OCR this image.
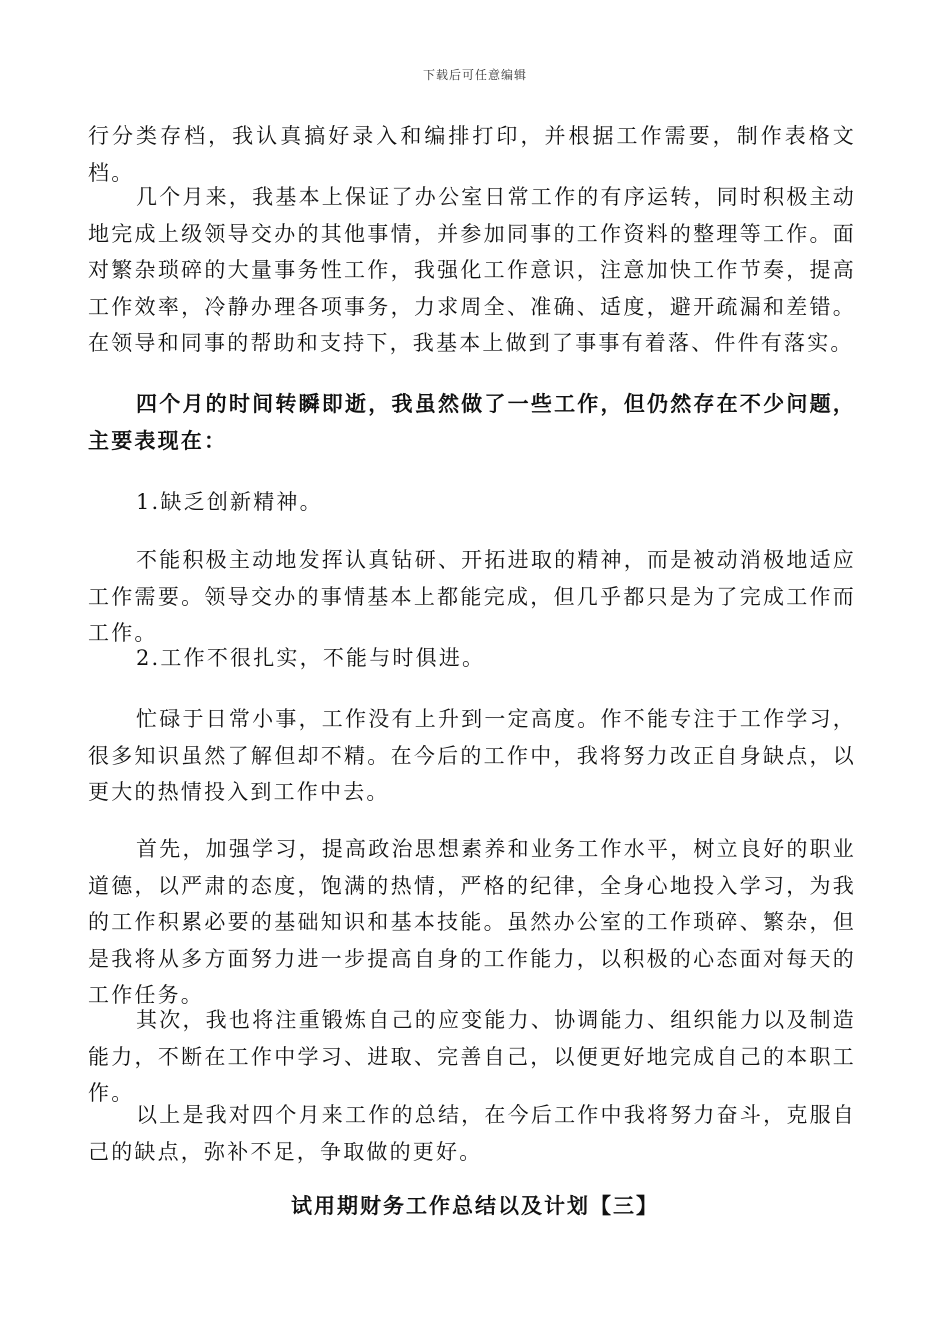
下载后可任意编辑

行分类存档，我认真搞好录入和编排打印，并根据工作需要，制作表格文档。

几个月来，我基本上保证了办公室日常工作的有序运转，同时积极主动地完成上级领导交办的其他事情，并参加同事的工作资料的整理等工作。面对繁杂琐碎的大量事务性工作，我强化工作意识，注意加快工作节奏，提高工作效率，冷静办理各项事务，力求周全、准确、适度，避开疏漏和差错。在领导和同事的帮助和支持下，我基本上做到了事事有着落、件件有落实。

四个月的时间转瞬即逝，我虽然做了一些工作，但仍然存在不少问题，主要表现在：

1.缺乏创新精神。

不能积极主动地发挥认真钻研、开拓进取的精神，而是被动消极地适应工作需要。领导交办的事情基本上都能完成，但几乎都只是为了完成工作而工作。

2.工作不很扎实，不能与时俱进。

忙碌于日常小事，工作没有上升到一定高度。作不能专注于工作学习，很多知识虽然了解但却不精。在今后的工作中，我将努力改正自身缺点，以更大的热情投入到工作中去。

首先，加强学习，提高政治思想素养和业务工作水平，树立良好的职业道德，以严肃的态度，饱满的热情，严格的纪律，全身心地投入学习，为我的工作积累必要的基础知识和基本技能。虽然办公室的工作琐碎、繁杂，但是我将从多方面努力进一步提高自身的工作能力，以积极的心态面对每天的工作任务。

其次，我也将注重锻炼自己的应变能力、协调能力、组织能力以及制造能力，不断在工作中学习、进取、完善自己，以便更好地完成自己的本职工作。

以上是我对四个月来工作的总结，在今后工作中我将努力奋斗，克服自己的缺点，弥补不足，争取做的更好。

试用期财务工作总结以及计划【三】
